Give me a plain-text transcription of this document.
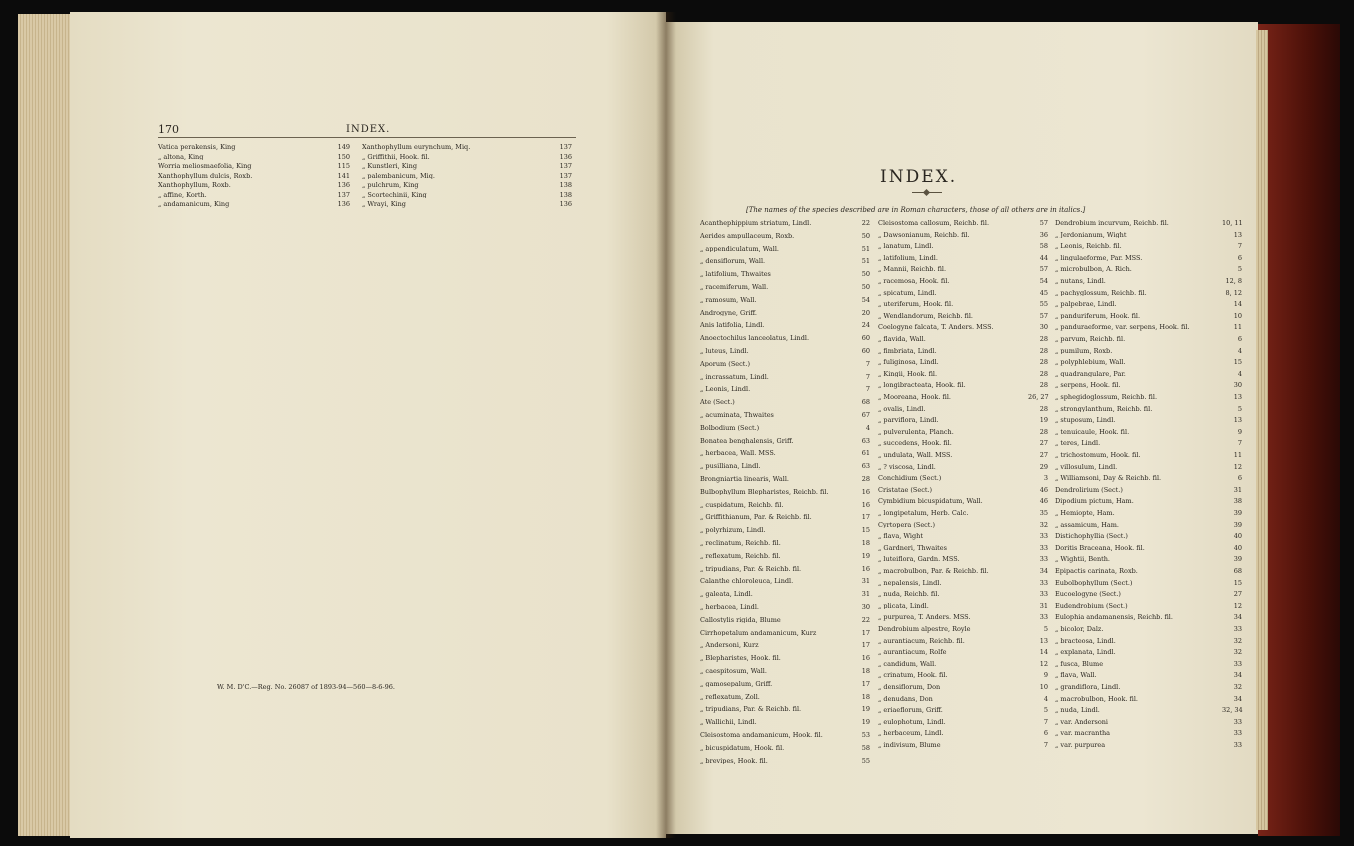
170	INDEX.
W. M. D'C.—Reg. No. 26087 of 1893-94—560—8-6-96.
INDEX.
[The names of the species described are in Roman characters, those of all others are in italics.]
Vatica perakensis, King	149
„ altona, King	150
Worria meliosmaefolia, King	115
Xanthophyllum dulcis, Roxb.	141
Xanthophyllum, Roxb.	136
„ affine, Korth.	137
„ andamanicum, King	136
Xanthophyllum eurynchum, Miq.	137
„ Griffithii, Hook. fil.	136
„ Kunstleri, King	137
„ palembanicum, Miq.	137
„ pulchrum, King	138
„ Scortechinii, King	138
„ Wrayi, King	136
Acanthephippium striatum, Lindl.	22
Aerides ampullaceum, Roxb.	50
„ appendiculatum, Wall.	51
„ densiflorum, Wall.	51
„ latifolium, Thwaites	50
„ racemiferum, Wall.	50
„ ramosum, Wall.	54
Androgyne, Griff.	20
Anis latifolia, Lindl.	24
Anoectochilus lanceolatus, Lindl.	60
„ luteus, Lindl.	60
Aporum (Sect.)	7
„ incrassatum, Lindl.	7
„ Leonis, Lindl.	7
Ate (Sect.)	68
„ acuminata, Thwaites	67
Bolbodium (Sect.)	4
Bonatea benghalensis, Griff.	63
„ herbacea, Wall. MSS.	61
„ pusilliana, Lindl.	63
Brongniartia linearis, Wall.	28
Bulbophyllum Blepharistes, Reichb. fil.	16
„ cuspidatum, Reichb. fil.	16
„ Griffithianum, Par. & Reichb. fil.	17
„ polyrhizum, Lindl.	15
„ reclinatum, Reichb. fil.	18
„ reflexatum, Reichb. fil.	19
„ tripudians, Par. & Reichb. fil.	16
Calanthe chloroleuca, Lindl.	31
„ galeata, Lindl.	31
„ herbacea, Lindl.	30
Callostylis rigida, Blume	22
Cirrhopetalum andamanicum, Kurz	17
„ Andersoni, Kurz	17
„ Blepharistes, Hook. fil.	16
„ caespitosum, Wall.	18
„ gamosepalum, Griff.	17
„ reflexatum, Zoll.	18
„ tripudians, Par. & Reichb. fil.	19
„ Wallichii, Lindl.	19
Cleisostoma andamanicum, Hook. fil.	53
„ bicuspidatum, Hook. fil.	58
„ brevipes, Hook. fil.	55
Cleisostoma callosum, Reichb. fil.	57
„ Dawsonianum, Reichb. fil.	36
„ lanatum, Lindl.	58
„ latifolium, Lindl.	44
„ Mannii, Reichb. fil.	57
„ racemosa, Hook. fil.	54
„ spicatum, Lindl.	45
„ uteriferum, Hook. fil.	55
„ Wendlandorum, Reichb. fil.	57
Coelogyne falcata, T. Anders. MSS.	30
„ flavida, Wall.	28
„ fimbriata, Lindl.	28
„ fuliginosa, Lindl.	28
„ Kingii, Hook. fil.	28
„ longibracteata, Hook. fil.	28
„ Mooreana, Hook. fil.	26, 27
„ ovalis, Lindl.	28
„ parviflora, Lindl.	19
„ pulverulenta, Planch.	28
„ succedens, Hook. fil.	27
„ undulata, Wall. MSS.	27
„ ? viscosa, Lindl.	29
Conchidium (Sect.)	3
Cristatae (Sect.)	46
Cymbidium bicuspidatum, Wall.	46
„ longipetalum, Herb. Calc.	35
Cyrtopera (Sect.)	32
„ flava, Wight	33
„ Gardneri, Thwaites	33
„ luteiflora, Gardn. MSS.	33
„ macrobulbon, Par. & Reichb. fil.	34
„ nepalensis, Lindl.	33
„ nuda, Reichb. fil.	33
„ plicata, Lindl.	31
„ purpurea, T. Anders. MSS.	33
Dendrobium alpestre, Royle	5
„ aurantiacum, Reichb. fil.	13
„ aurantiacum, Rolfe	14
„ candidum, Wall.	12
„ crinatum, Hook. fil.	9
„ densiflorum, Don	10
„ denudans, Don	4
„ eriaeflorum, Griff.	5
„ eulophotum, Lindl.	7
„ herbaceum, Lindl.	6
„ indivisum, Blume	7
Dendrobium incurvum, Reichb. fil.	10, 11
„ Jerdonianum, Wight	13
„ Leonis, Reichb. fil.	7
„ lingulaeforme, Par. MSS.	6
„ microbulbon, A. Rich.	5
„ nutans, Lindl.	12, 8
„ pachyglossum, Reichb. fil.	8, 12
„ palpebrae, Lindl.	14
„ panduriferum, Hook. fil.	10
„ panduraeforme, var. serpens, Hook. fil.	11
„ parvum, Reichb. fil.	6
„ pumilum, Roxb.	4
„ polyphlebium, Wall.	15
„ quadrangulare, Par.	4
„ serpens, Hook. fil.	30
„ sphegidoglossum, Reichb. fil.	13
„ strongylanthum, Reichb. fil.	5
„ stuposum, Lindl.	13
„ tenuicaule, Hook. fil.	9
„ teres, Lindl.	7
„ trichostomum, Hook. fil.	11
„ villosulum, Lindl.	12
„ Williamsoni, Day & Reichb. fil.	6
Dendrolirium (Sect.)	31
Dipodium pictum, Ham.	38
„ Hemiopte, Ham.	39
„ assamicum, Ham.	39
Distichophyllia (Sect.)	40
Doritis Braceana, Hook. fil.	40
„ Wightii, Benth.	39
Epipactis carinata, Roxb.	68
Eubolbophyllum (Sect.)	15
Eucoelogyne (Sect.)	27
Eudendrobium (Sect.)	12
Eulophia andamanensis, Reichb. fil.	34
„ bicolor, Dalz.	33
„ bracteosa, Lindl.	32
„ explanata, Lindl.	32
„ fusca, Blume	33
„ flava, Wall.	34
„ grandiflora, Lindl.	32
„ macrobulbon, Hook. fil.	34
„ nuda, Lindl.	32, 34
„ var. Andersoni	33
„ var. macrantha	33
„ var. purpurea	33
